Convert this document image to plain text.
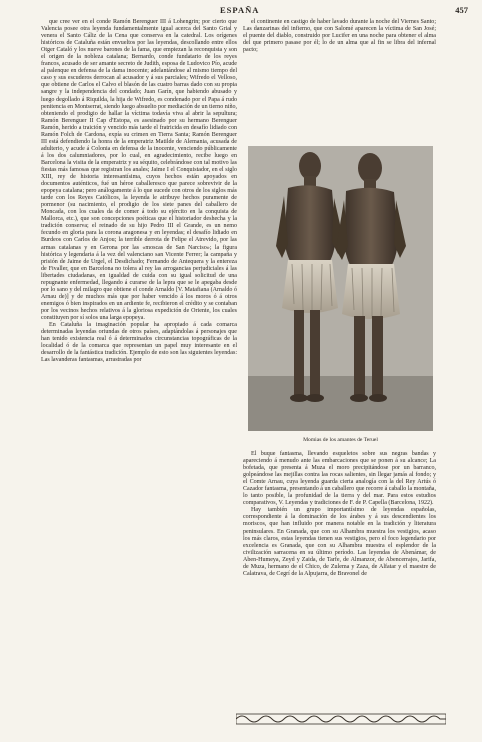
ESPAÑA	457

que cree ver en el conde Ramón Berenguer III á Lohengrin; por cierto que Valencia posee otra leyenda fundamentalmente igual acerca del Santo Grial y venera el Santo Cáliz de la Cena que conserva en la catedral. Los orígenes históricos de Cataluña están envueltos por las leyendas, descollando entre ellos Otger Cataló y los nueve barones de la fama, que empiezan la reconquista y son el origen de la nobleza catalana; Bernardo, conde fundatario de los reyes francos, acusado de ser amante secreto de Judith, esposa de Ludovico Pío, acude al palenque en defensa de la dama inocente; adelantándose al mismo tiempo del caso y sus escuderos derrocan al acusador y á sus parciales; Wifredo el Velloso, que obtiene de Carlos el Calvo el blasón de las cuatro barras dado con su propia sangre y la independencia del condado; Juan Garín, que habiendo abusado y luego degollado á Riquilda, la hija de Wifredo, es condenado por el Papa á rudo penitencia en Montserrat, siendo luego absuelto por mediación de un tierno niño, obteniendo el prodigio de hallar la víctima todavía viva al abrir la sepultura; Ramón Berenguer II Cap d'Estopa, es asesinado por su hermano Berenguer Ramón, herido a traición y vencido más tarde el fratricida en desafío lidiado con Ramón Folch de Cardona, expía su crimen en Tierra Santa; Ramón Berenguer III está defendiendo la honra de la emperatriz Matilde de Alemania, acusada de adulterio, y acude á Colonia en defensa de la inocente, venciendo públicamente á los dos calumniadores, por lo cual, en agradecimiento, recibe luego en Barcelona la visita de la emperatriz y su séquito, celebrándose con tal motivo las fiestas más famosas que registran los anales; Jaime I el Conquistador, en el siglo XIII, rey de historia interesantísima, cuyos hechos están apoyados en documentos auténticos, fué un héroe caballeresco que parece sobrevivir de la epopeya catalana; pero análogamente á lo que sucede con otros de los siglos más tarde con los Reyes Católicos, la leyenda le atribuye hechos puramente de pormenor (su nacimiento, el prodigio de los siete panes del caballero de Moncada, con los cuales da de comer á todo su ejército en la conquista de Mallorca, etc.), que son concepciones poéticas que el historiador deshecha y la tradición conserva; el reinado de su hijo Pedro III el Grande, es un nemo fecundo en gloria para la corona aragonesa y en leyendas; el desafío lidiado en Burdeos con Carlos de Anjou; la terrible derrota de Felipe el Atrevido, por las armas catalanas y en Gerona por las «moscas de San Narciso»; la figura histórica y legendaria á la vez del valenciano san Vicente Ferrer; la campaña y prisión de Jaime de Urgel, el Desdichado; Fernando de Antequera y la entereza de Fivaller, que en Barcelona no tolera al rey las arrogancias perjudiciales á las libertades ciudadanas, en igualdad de cuida con su igual solicitud de una repugnante enfermedad, llegando á curarse de la lepra que se le apegaba desde por lo sano y del milagro que obtiene el conde Arnaldo [V. Matafiana (Arnaldo ó Arnau de)] y de muchos más que por haber vencido á los moros ó á otros enemigos ó bien inspirados en un ardiente fe, recibieron el crédito y se contaban por los vecinos hechos relativos á la gloriosa expedición de Oriente, los cuales constituyen por sí solos una larga epopeya.

En Cataluña la imaginación popular ha apropiado á cada comarca determinadas leyendas oriundas de otros países, adaptándolas á personajes que han tenido existencia real ó á determinados circunstancias topográficas de la localidad ó de la comarca que representan un papel muy interesante en el desarrollo de la fantástica tradición. Ejemplo de esto son las siguientes leyendas: Las lavanderas fantasmas, arrastradas por

el continente en castigo de haber lavado durante la noche del Viernes Santo; Las danzarinas del infierno, que con Salomé aparecen la víctima de San José; el puente del diablo, construido por Lucifer en una noche para obtener el alma del que primero pasase por él; lo de un alma que al fin se libra del infernal pacto;

Momias de los amantes de Teruel

El buque fantasma, llevando esqueletos sobre sus negras bandas y apareciendo á menudo ante las embarcaciones que se ponen á su alcance; La bofetada, que presenta á Muza el moro precipitándose por un barranco, golpeándose las mejillas contra las rocas salientes, sin llegar jamás al fondo; y el Comte Arnau, cuya leyenda guarda cierta analogía con la del Rey Artús ó Cazador fantasma, presentando á un caballero que recorre á caballo la montaña, lo tanto posible, la profunidad de la tierra y del mar. Para estos estudios comparativos, V. Leyendas y tradiciones de F. de P. Capella (Barcelona, 1922).

Hay también un grupo importantísimo de leyendas españolas, correspondiente á la dominación de los árabes y á sus descendientes los moriscos, que han influido por manera notable en la tradición y literatura peninsulares. En Granada, que con su Alhambra muestra los vestigios, acaso los más claros, estas leyendas tienen sus vestigios, pero el foco legendario por excelencia es Granada, que con su Alhambra muestra el esplendor de la civilización sarracena en su último período. Las leyendas de Abenámar, de Aben-Humeya, Zeyd y Zaida, de Tarfe, de Almanzor, de Abencerrajes, Jarifa, de Muza, hermano de el Chico, de Zulema y Zaza, de Alfatar y el maestre de Calatrava, de Cegrí de la Alpujarra, de Bravonel de
